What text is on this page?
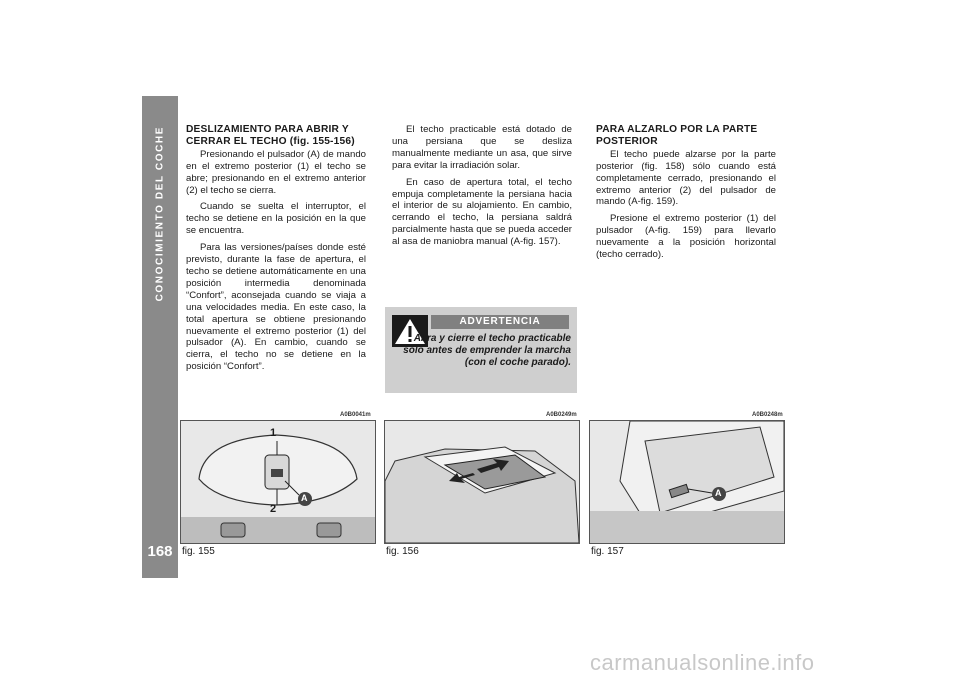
CONOCIMIENTO DEL COCHE
168
DESLIZAMIENTO PARA ABRIR Y CERRAR EL TECHO (fig. 155-156)

Presionando el pulsador (A) de mando en el extremo posterior (1) el techo se abre; presionando en el extremo anterior (2) el techo se cierra.

Cuando se suelta el interruptor, el techo se detiene en la posición en la que se encuentra.

Para las versiones/países donde esté previsto, durante la fase de apertura, el techo se detiene automáticamente en una posición intermedia denominada “Confort”, aconsejada cuando se viaja a una velocidades media. En este caso, la total apertura se obtiene presionando nuevamente el extremo posterior (1) del pulsador (A). En cambio, cuando se cierra, el techo no se detiene en la posición “Confort”.

El techo practicable está dotado de una persiana que se desliza manualmente mediante un asa, que sirve para evitar la irradiación solar.

En caso de apertura total, el techo empuja completamente la persiana hacia el interior de su alojamiento. En cambio, cerrando el techo, la persiana saldrá parcialmente hasta que se pueda acceder al asa de maniobra manual (A-fig. 157).

ADVERTENCIA
Abra y cierre el techo practicable sólo antes de emprender la marcha (con el coche parado).
PARA ALZARLO POR LA PARTE POSTERIOR

El techo puede alzarse por la parte posterior (fig. 158) sólo cuando está completamente cerrado, presionando el extremo anterior (2) del pulsador de mando (A-fig. 159).

Presione el extremo posterior (1) del pulsador (A-fig. 159) para llevarlo nuevamente a la posición horizontal (techo cerrado).

A0B0041m
1
2
A
fig. 155
A0B0249m
fig. 156
A0B0248m
A
fig. 157
carmanualsonline.info
